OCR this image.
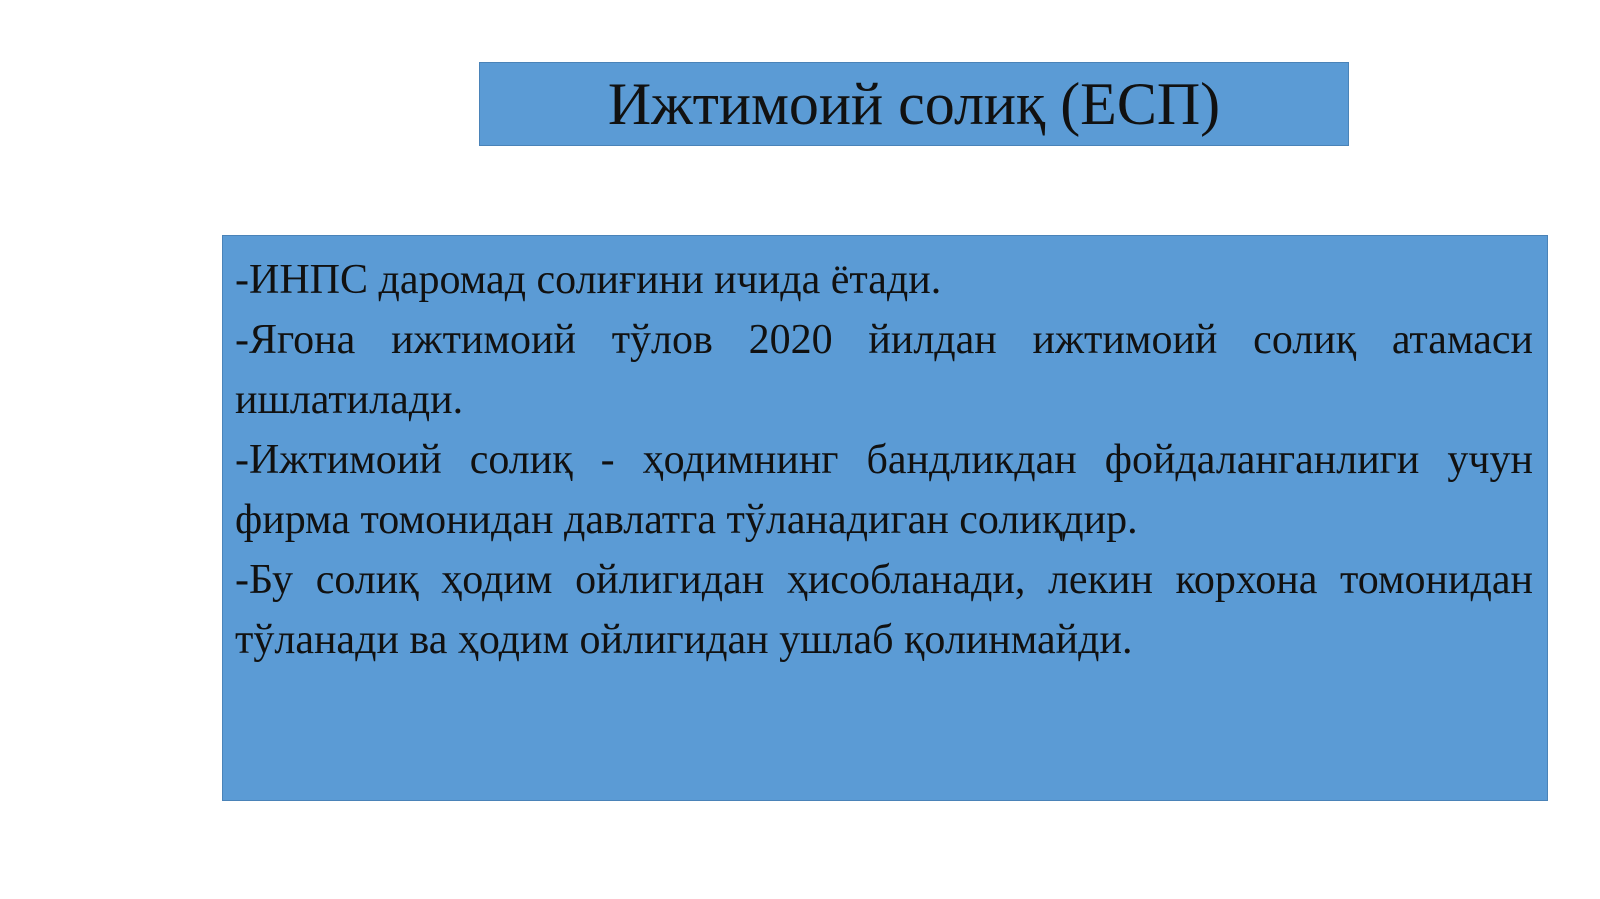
Ижтимоий солиқ (ЕСП)

-ИНПС даромад солиғини ичида ётади.

-Ягона ижтимоий тўлов 2020 йилдан ижтимоий солиқ атамаси ишлатилади.

-Ижтимоий солиқ - ҳодимнинг бандликдан фойдаланганлиги учун фирма томонидан давлатга тўланадиган солиқдир.

-Бу солиқ ҳодим ойлигидан ҳисобланади, лекин корхона томонидан тўланади ва ҳодим ойлигидан ушлаб қолинмайди.
